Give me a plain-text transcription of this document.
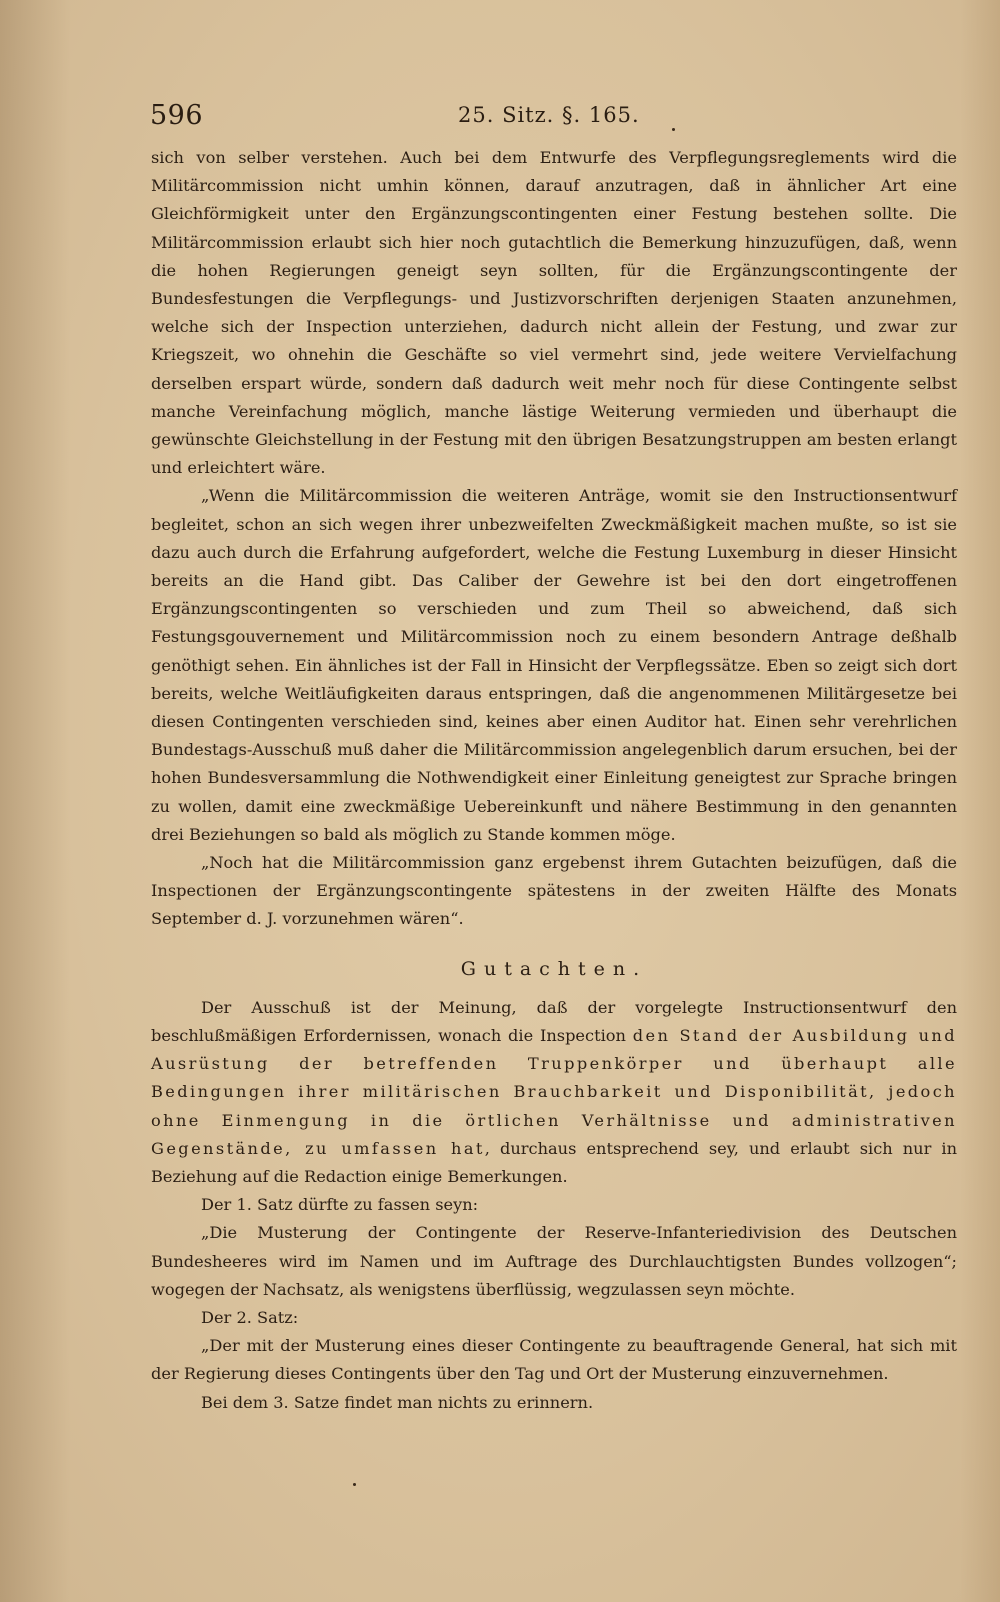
596	25. Sitz. §. 165.

sich von selber verstehen. Auch bei dem Entwurfe des Verpflegungsreglements wird die Militärcommission nicht umhin können, darauf anzutragen, daß in ähnlicher Art eine Gleichförmigkeit unter den Ergänzungscontingenten einer Festung bestehen sollte. Die Militärcommission erlaubt sich hier noch gutachtlich die Bemerkung hinzuzufügen, daß, wenn die hohen Regierungen geneigt seyn sollten, für die Ergänzungscontingente der Bundesfestungen die Verpflegungs- und Justizvorschriften derjenigen Staaten anzunehmen, welche sich der Inspection unterziehen, dadurch nicht allein der Festung, und zwar zur Kriegszeit, wo ohnehin die Geschäfte so viel vermehrt sind, jede weitere Vervielfachung derselben erspart würde, sondern daß dadurch weit mehr noch für diese Contingente selbst manche Vereinfachung möglich, manche lästige Weiterung vermieden und überhaupt die gewünschte Gleichstellung in der Festung mit den übrigen Besatzungstruppen am besten erlangt und erleichtert wäre.

„Wenn die Militärcommission die weiteren Anträge, womit sie den Instructionsentwurf begleitet, schon an sich wegen ihrer unbezweifelten Zweckmäßigkeit machen mußte, so ist sie dazu auch durch die Erfahrung aufgefordert, welche die Festung Luxemburg in dieser Hinsicht bereits an die Hand gibt. Das Caliber der Gewehre ist bei den dort eingetroffenen Ergänzungscontingenten so verschieden und zum Theil so abweichend, daß sich Festungsgouvernement und Militärcommission noch zu einem besondern Antrage deßhalb genöthigt sehen. Ein ähnliches ist der Fall in Hinsicht der Verpflegssätze. Eben so zeigt sich dort bereits, welche Weitläufigkeiten daraus entspringen, daß die angenommenen Militärgesetze bei diesen Contingenten verschieden sind, keines aber einen Auditor hat. Einen sehr verehrlichen Bundestags-Ausschuß muß daher die Militärcommission angelegenblich darum ersuchen, bei der hohen Bundesversammlung die Nothwendigkeit einer Einleitung geneigtest zur Sprache bringen zu wollen, damit eine zweckmäßige Uebereinkunft und nähere Bestimmung in den genannten drei Beziehungen so bald als möglich zu Stande kommen möge.

„Noch hat die Militärcommission ganz ergebenst ihrem Gutachten beizufügen, daß die Inspectionen der Ergänzungscontingente spätestens in der zweiten Hälfte des Monats September d. J. vorzunehmen wären“.

Gutachten.

Der Ausschuß ist der Meinung, daß der vorgelegte Instructionsentwurf den beschlußmäßigen Erfordernissen, wonach die Inspection den Stand der Ausbildung und Ausrüstung der betreffenden Truppenkörper und überhaupt alle Bedingungen ihrer militärischen Brauchbarkeit und Disponibilität, jedoch ohne Einmengung in die örtlichen Verhältnisse und administrativen Gegenstände, zu umfassen hat, durchaus entsprechend sey, und erlaubt sich nur in Beziehung auf die Redaction einige Bemerkungen.

Der 1. Satz dürfte zu fassen seyn:

„Die Musterung der Contingente der Reserve-Infanteriedivision des Deutschen Bundesheeres wird im Namen und im Auftrage des Durchlauchtigsten Bundes vollzogen“; wogegen der Nachsatz, als wenigstens überflüssig, wegzulassen seyn möchte.

Der 2. Satz:

„Der mit der Musterung eines dieser Contingente zu beauftragende General, hat sich mit der Regierung dieses Contingents über den Tag und Ort der Musterung einzuvernehmen.

Bei dem 3. Satze findet man nichts zu erinnern.
